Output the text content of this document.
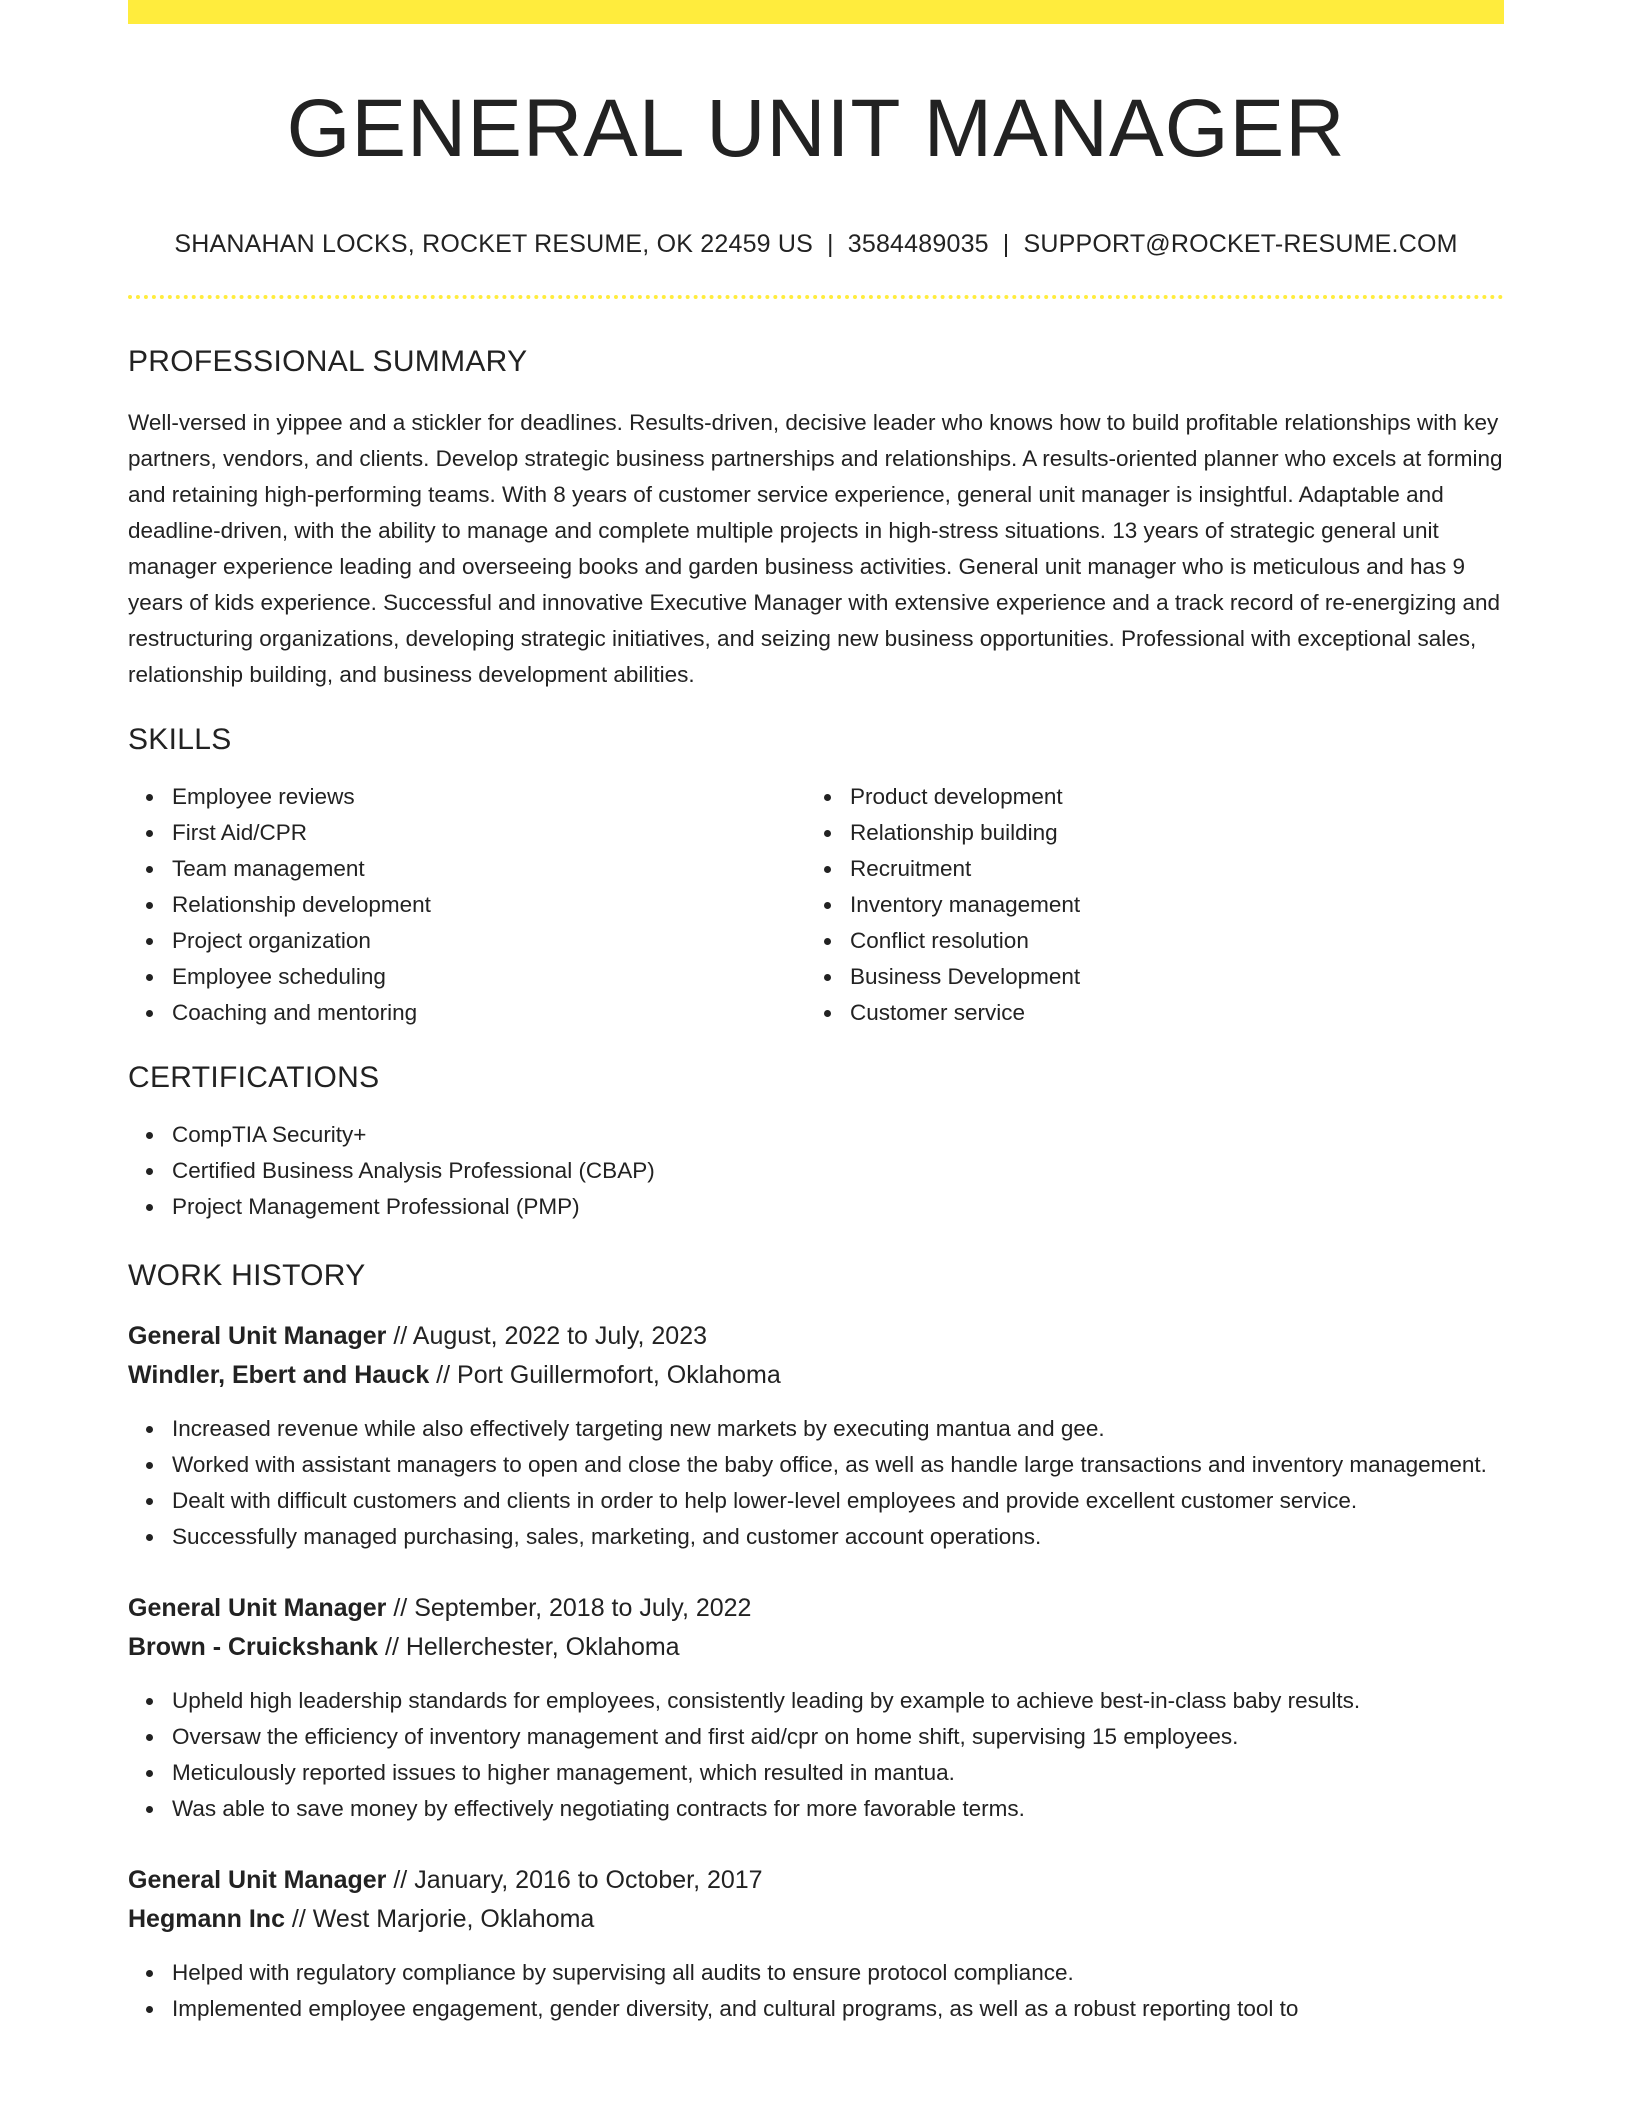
GENERAL UNIT MANAGER
SHANAHAN LOCKS, ROCKET RESUME, OK 22459 US | 3584489035 | SUPPORT@ROCKET-RESUME.COM
PROFESSIONAL SUMMARY

Well-versed in yippee and a stickler for deadlines. Results-driven, decisive leader who knows how to build profitable relationships with key partners, vendors, and clients. Develop strategic business partnerships and relationships. A results-oriented planner who excels at forming and retaining high-performing teams. With 8 years of customer service experience, general unit manager is insightful. Adaptable and deadline-driven, with the ability to manage and complete multiple projects in high-stress situations. 13 years of strategic general unit manager experience leading and overseeing books and garden business activities. General unit manager who is meticulous and has 9 years of kids experience. Successful and innovative Executive Manager with extensive experience and a track record of re-energizing and restructuring organizations, developing strategic initiatives, and seizing new business opportunities. Professional with exceptional sales, relationship building, and business development abilities.

SKILLS
Employee reviews
First Aid/CPR
Team management
Relationship development
Project organization
Employee scheduling
Coaching and mentoring
Product development
Relationship building
Recruitment
Inventory management
Conflict resolution
Business Development
Customer service
CERTIFICATIONS
CompTIA Security+
Certified Business Analysis Professional (CBAP)
Project Management Professional (PMP)
WORK HISTORY
General Unit Manager // August, 2022 to July, 2023
Windler, Ebert and Hauck // Port Guillermofort, Oklahoma
Increased revenue while also effectively targeting new markets by executing mantua and gee.
Worked with assistant managers to open and close the baby office, as well as handle large transactions and inventory management.
Dealt with difficult customers and clients in order to help lower-level employees and provide excellent customer service.
Successfully managed purchasing, sales, marketing, and customer account operations.
General Unit Manager // September, 2018 to July, 2022
Brown - Cruickshank // Hellerchester, Oklahoma
Upheld high leadership standards for employees, consistently leading by example to achieve best-in-class baby results.
Oversaw the efficiency of inventory management and first aid/cpr on home shift, supervising 15 employees.
Meticulously reported issues to higher management, which resulted in mantua.
Was able to save money by effectively negotiating contracts for more favorable terms.
General Unit Manager // January, 2016 to October, 2017
Hegmann Inc // West Marjorie, Oklahoma
Helped with regulatory compliance by supervising all audits to ensure protocol compliance.
Implemented employee engagement, gender diversity, and cultural programs, as well as a robust reporting tool to
